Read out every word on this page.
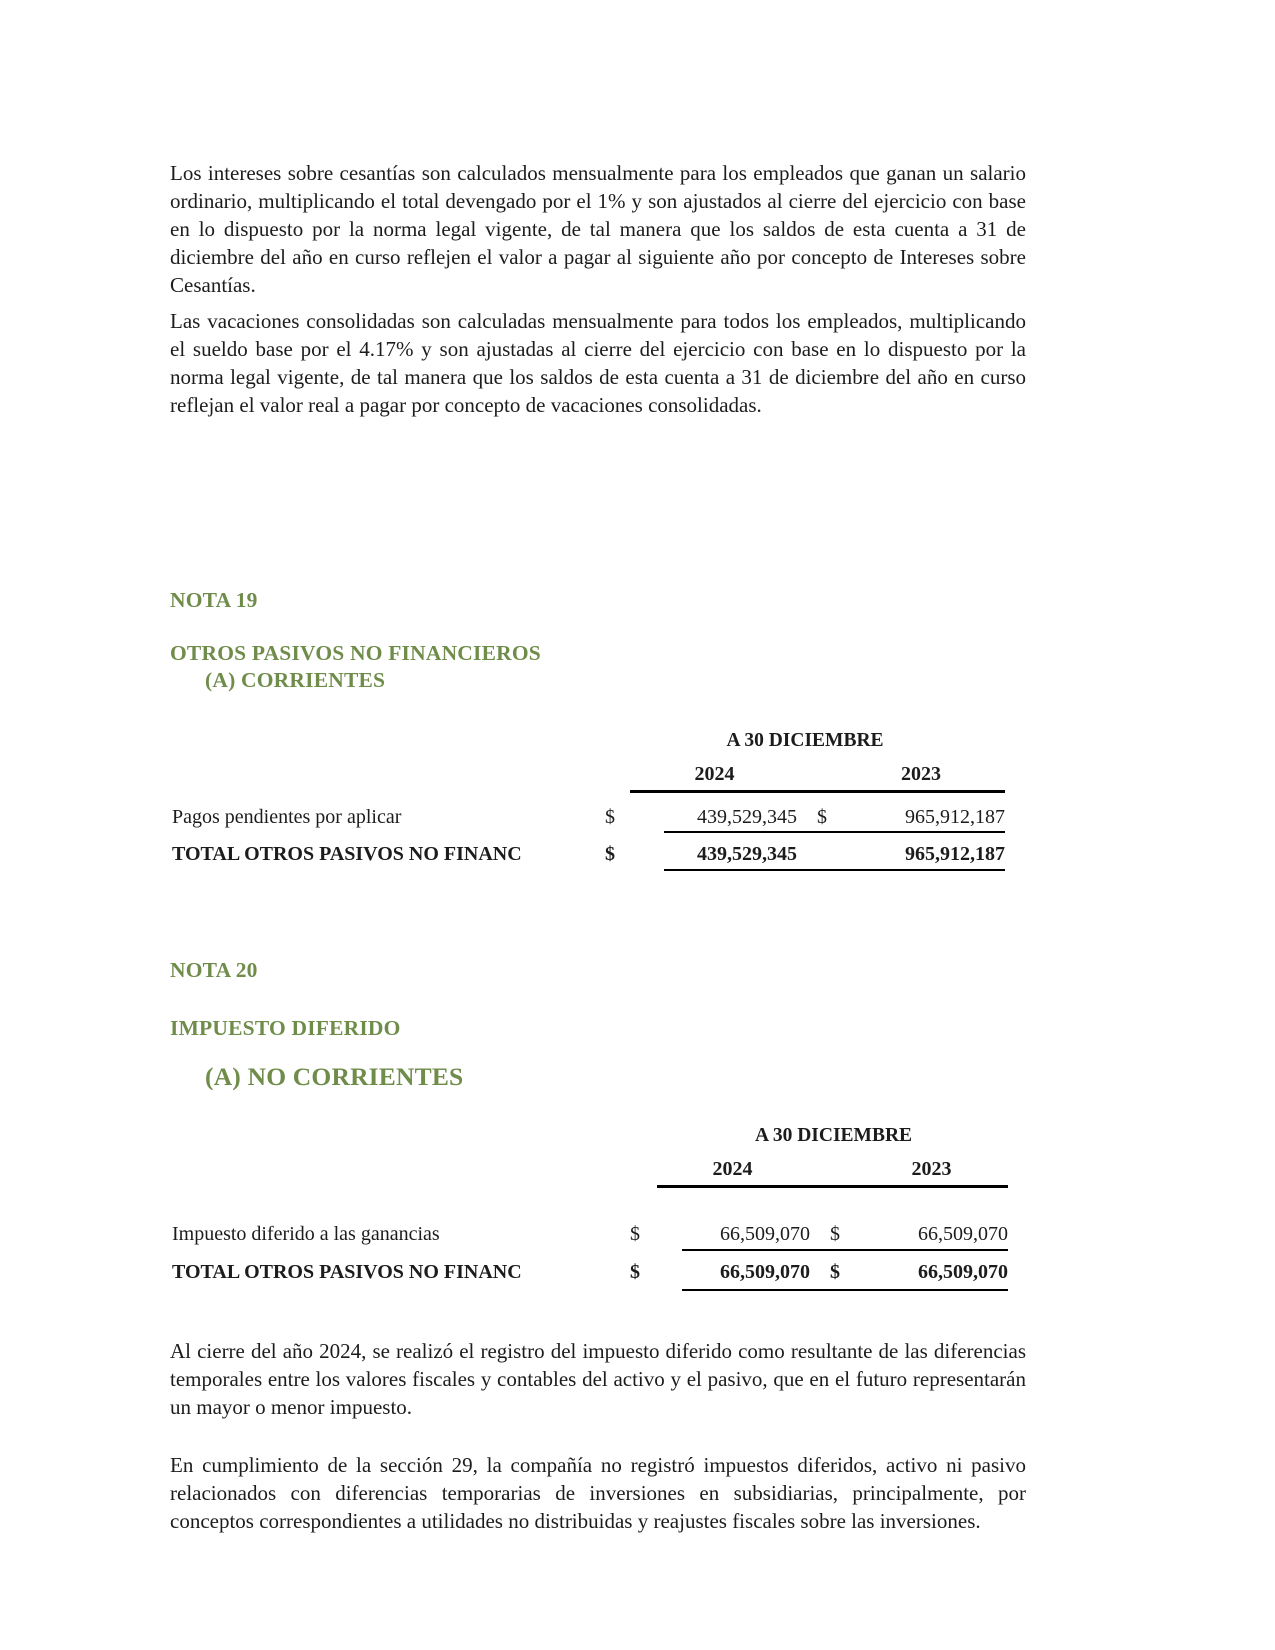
Los intereses sobre cesantías son calculados mensualmente para los empleados que ganan un salario ordinario, multiplicando el total devengado por el 1% y son ajustados al cierre del ejercicio con base en lo dispuesto por la norma legal vigente, de tal manera que los saldos de esta cuenta a 31 de diciembre del año en curso reflejen el valor a pagar al siguiente año por concepto de Intereses sobre Cesantías.

Las vacaciones consolidadas son calculadas mensualmente para todos los empleados, multiplicando el sueldo base por el 4.17% y son ajustadas al cierre del ejercicio con base en lo dispuesto por la norma legal vigente, de tal manera que los saldos de esta cuenta a 31 de diciembre del año en curso reflejan el valor real a pagar por concepto de vacaciones consolidadas.

NOTA 19
OTROS PASIVOS NO FINANCIEROS
(A) CORRIENTES
A 30 DICIEMBRE
2024	2023
Pagos pendientes por aplicar	$	439,529,345 $	965,912,187
TOTAL OTROS PASIVOS NO FINANC	$	439,529,345	965,912,187
NOTA 20
IMPUESTO DIFERIDO
(A) NO CORRIENTES
A 30 DICIEMBRE
2024	2023
Impuesto diferido a las ganancias	$	66,509,070 $	66,509,070
TOTAL OTROS PASIVOS NO FINANC	$	66,509,070 $	66,509,070

Al cierre del año 2024, se realizó el registro del impuesto diferido como resultante de las diferencias temporales entre los valores fiscales y contables del activo y el pasivo, que en el futuro representarán un mayor o menor impuesto.

En cumplimiento de la sección 29, la compañía no registró impuestos diferidos, activo ni pasivo relacionados con diferencias temporarias de inversiones en subsidiarias, principalmente, por conceptos correspondientes a utilidades no distribuidas y reajustes fiscales sobre las inversiones.
